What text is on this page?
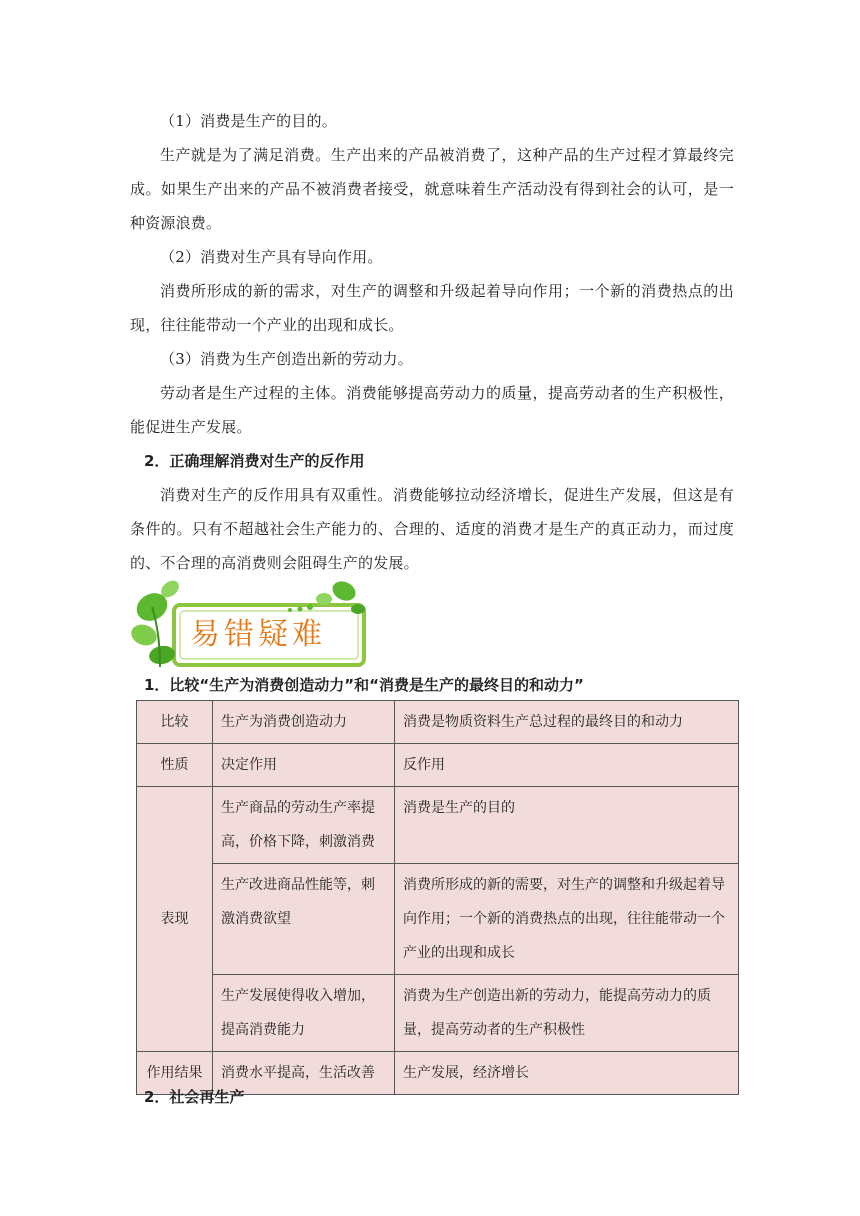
（1）消费是生产的目的。

生产就是为了满足消费。生产出来的产品被消费了，这种产品的生产过程才算最终完成。如果生产出来的产品不被消费者接受，就意味着生产活动没有得到社会的认可，是一种资源浪费。

（2）消费对生产具有导向作用。

消费所形成的新的需求，对生产的调整和升级起着导向作用；一个新的消费热点的出现，往往能带动一个产业的出现和成长。

（3）消费为生产创造出新的劳动力。

劳动者是生产过程的主体。消费能够提高劳动力的质量，提高劳动者的生产积极性，能促进生产发展。

2．正确理解消费对生产的反作用

消费对生产的反作用具有双重性。消费能够拉动经济增长，促进生产发展，但这是有条件的。只有不超越社会生产能力的、合理的、适度的消费才是生产的真正动力，而过度的、不合理的高消费则会阻碍生产的发展。

易错疑难

1．比较“生产为消费创造动力”和“消费是生产的最终目的和动力”

比较	生产为消费创造动力	消费是物质资料生产总过程的最终目的和动力
性质	决定作用	反作用
表现	生产商品的劳动生产率提高，价格下降，刺激消费	消费是生产的目的
	生产改进商品性能等，刺激消费欲望	消费所形成的新的需要，对生产的调整和升级起着导向作用；一个新的消费热点的出现，往往能带动一个产业的出现和成长
	生产发展使得收入增加，提高消费能力	消费为生产创造出新的劳动力，能提高劳动力的质量，提高劳动者的生产积极性
作用结果	消费水平提高，生活改善	生产发展，经济增长

2．社会再生产
